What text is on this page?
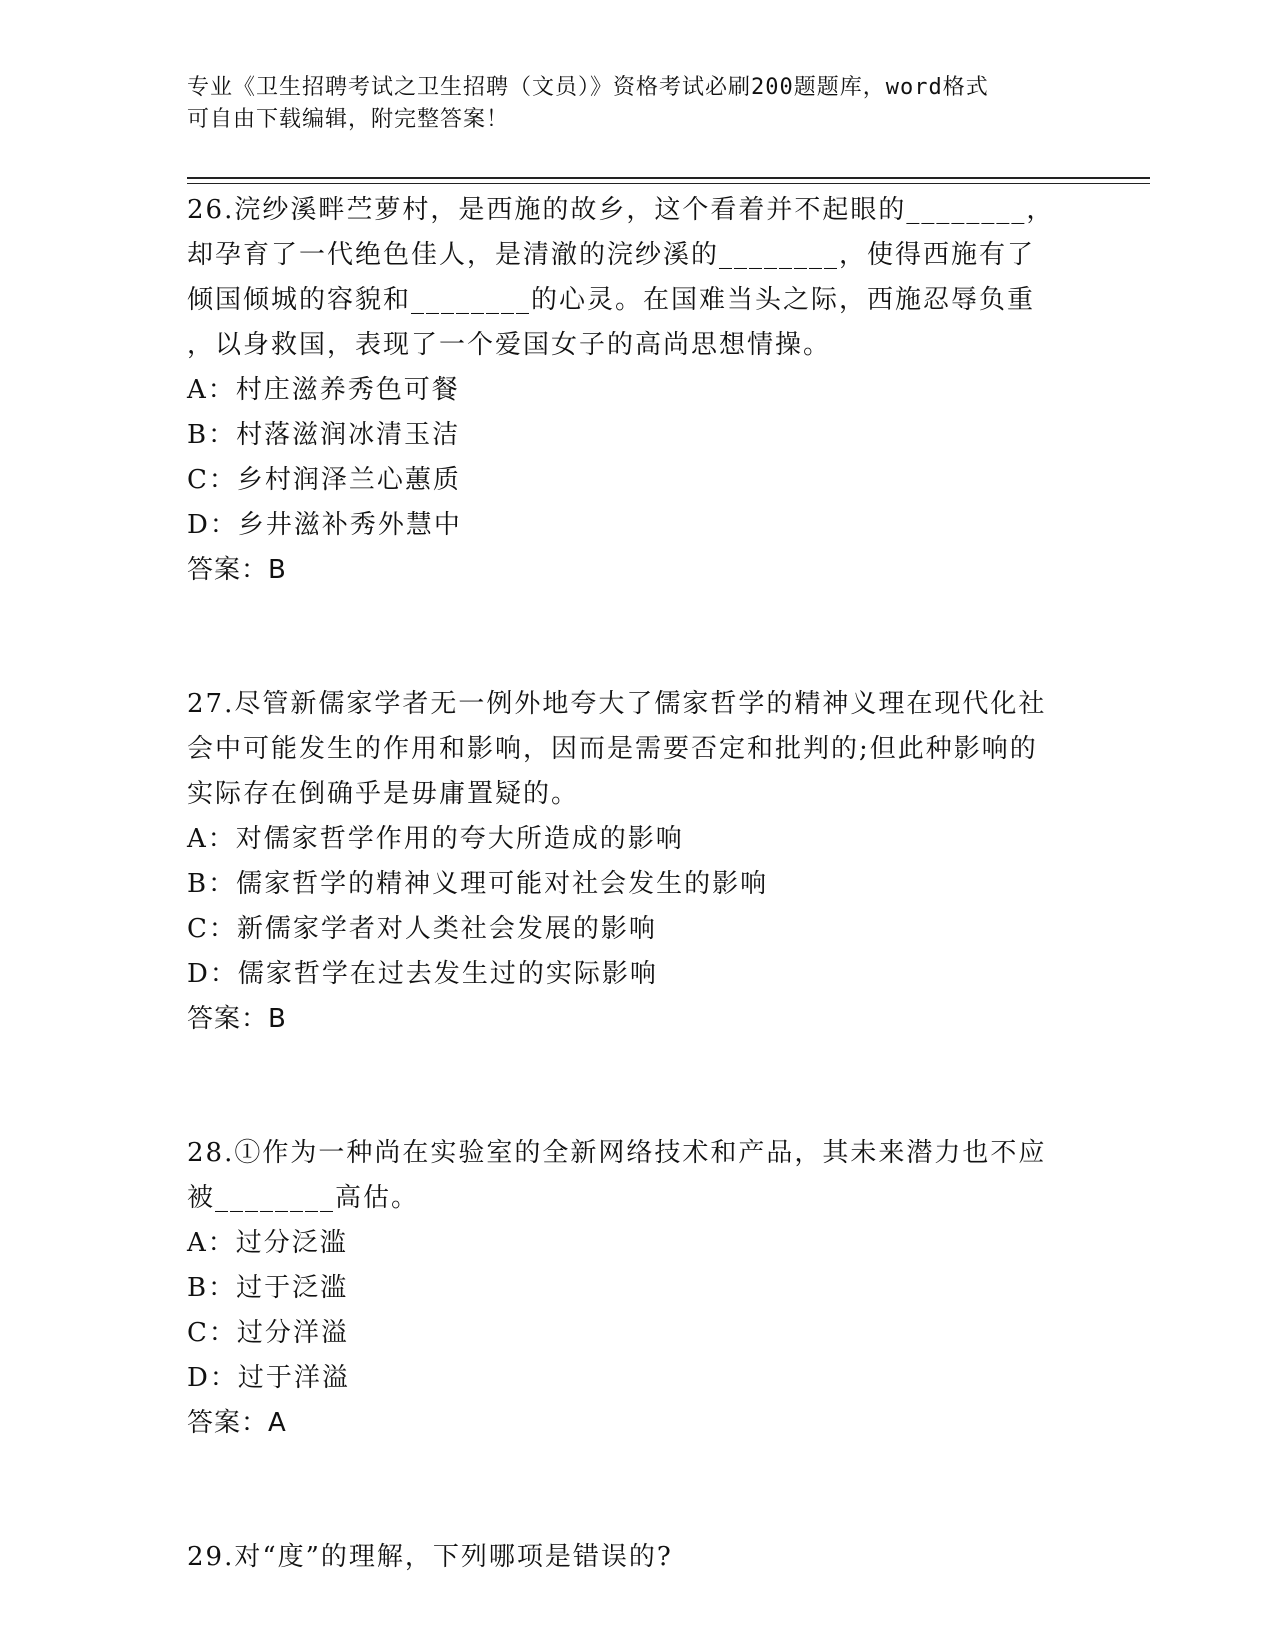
专业《卫生招聘考试之卫生招聘（文员）》资格考试必刷200题题库，word格式
可自由下载编辑，附完整答案！
26.浣纱溪畔苎萝村，是西施的故乡，这个看着并不起眼的________，
却孕育了一代绝色佳人，是清澈的浣纱溪的________，使得西施有了
倾国倾城的容貌和________的心灵。在国难当头之际，西施忍辱负重
，以身救国，表现了一个爱国女子的高尚思想情操。
A：村庄滋养秀色可餐
B：村落滋润冰清玉洁
C：乡村润泽兰心蕙质
D：乡井滋补秀外慧中
答案：B
27.尽管新儒家学者无一例外地夸大了儒家哲学的精神义理在现代化社
会中可能发生的作用和影响，因而是需要否定和批判的;但此种影响的
实际存在倒确乎是毋庸置疑的。
A：对儒家哲学作用的夸大所造成的影响
B：儒家哲学的精神义理可能对社会发生的影响
C：新儒家学者对人类社会发展的影响
D：儒家哲学在过去发生过的实际影响
答案：B
28.①作为一种尚在实验室的全新网络技术和产品，其未来潜力也不应
被________高估。
A：过分泛滥
B：过于泛滥
C：过分洋溢
D：过于洋溢
答案：A
29.对“度”的理解，下列哪项是错误的?
